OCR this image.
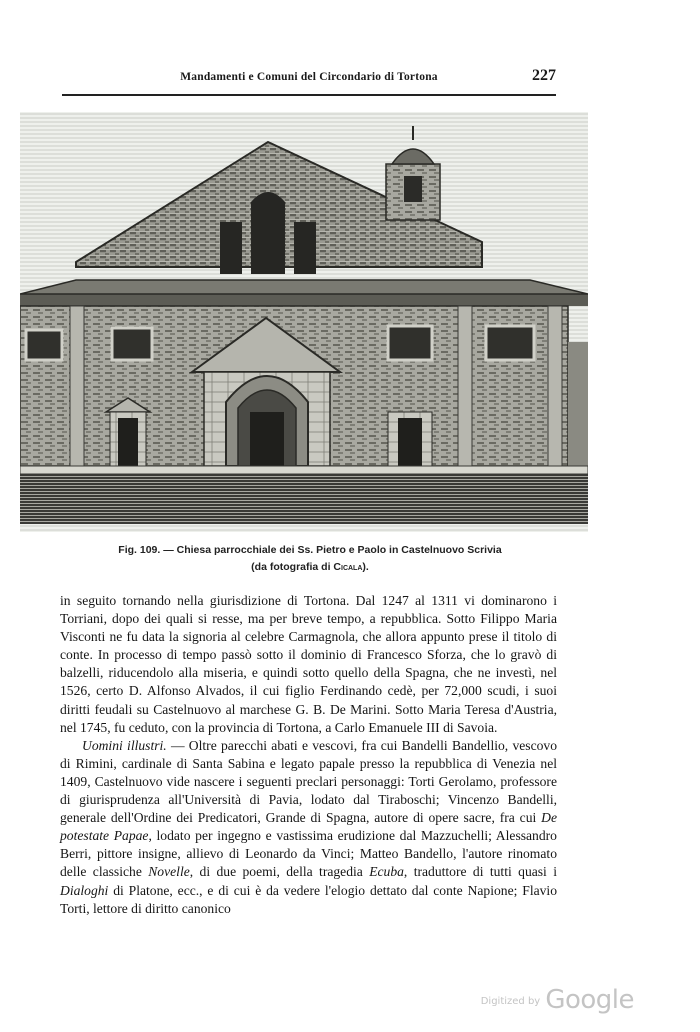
Mandamenti e Comuni del Circondario di Tortona	227
Fig. 109. — Chiesa parrocchiale dei Ss. Pietro e Paolo in Castelnuovo Scrivia
(da fotografia di Cicala).

in seguito tornando nella giurisdizione di Tortona. Dal 1247 al 1311 vi dominarono i Torriani, dopo dei quali si resse, ma per breve tempo, a repubblica. Sotto Filippo Maria Visconti ne fu data la signoria al celebre Carmagnola, che allora appunto prese il titolo di conte. In processo di tempo passò sotto il dominio di Francesco Sforza, che lo gravò di balzelli, riducendolo alla miseria, e quindi sotto quello della Spagna, che ne investì, nel 1526, certo D. Alfonso Alvados, il cui figlio Ferdinando cedè, per 72,000 scudi, i suoi diritti feudali su Castelnuovo al marchese G. B. De Marini. Sotto Maria Teresa d'Austria, nel 1745, fu ceduto, con la provincia di Tortona, a Carlo Emanuele III di Savoia.

Uomini illustri. — Oltre parecchi abati e vescovi, fra cui Bandelli Bandellio, vescovo di Rimini, cardinale di Santa Sabina e legato papale presso la repubblica di Venezia nel 1409, Castelnuovo vide nascere i seguenti preclari personaggi: Torti Gerolamo, professore di giurisprudenza all'Università di Pavia, lodato dal Tiraboschi; Vincenzo Bandelli, generale dell'Ordine dei Predicatori, Grande di Spagna, autore di opere sacre, fra cui De potestate Papae, lodato per ingegno e vastissima erudizione dal Mazzuchelli; Alessandro Berri, pittore insigne, allievo di Leonardo da Vinci; Matteo Bandello, l'autore rinomato delle classiche Novelle, di due poemi, della tragedia Ecuba, traduttore di tutti quasi i Dialoghi di Platone, ecc., e di cui è da vedere l'elogio dettato dal conte Napione; Flavio Torti, lettore di diritto canonico

$^{Digitized by}$ Google
